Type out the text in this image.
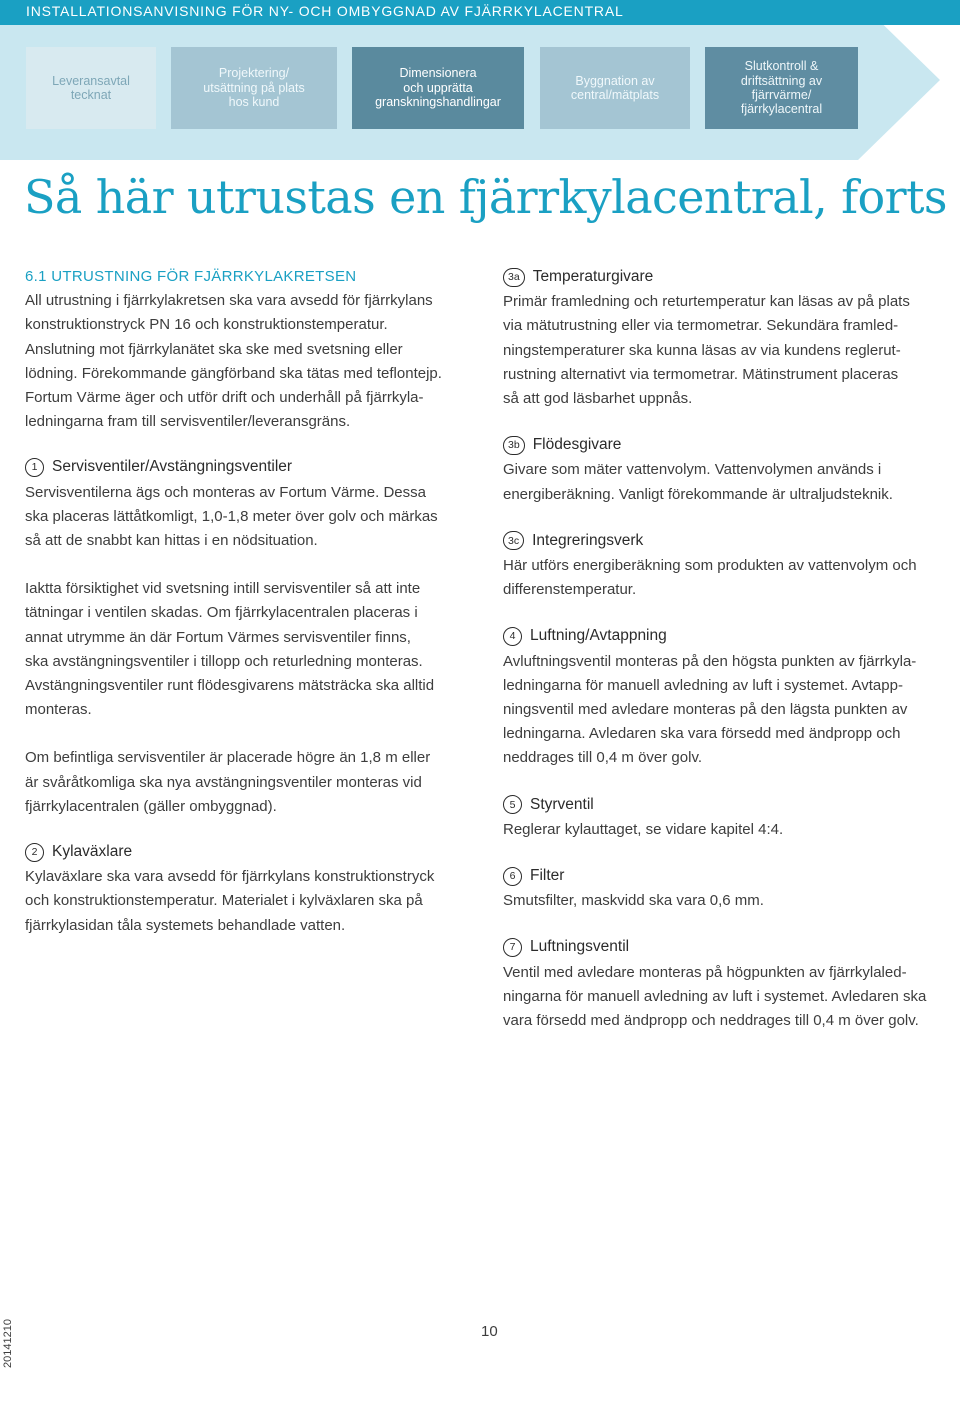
INSTALLATIONSANVISNING FÖR NY- OCH OMBYGGNAD AV FJÄRRKYLACENTRAL
Leveransavtal
tecknat
Projektering/
utsättning på plats
hos kund
Dimensionera
och upprätta
granskningshandlingar
Byggnation av
central/mätplats
Slutkontroll &
driftsättning av
fjärrvärme/
fjärrkylacentral
Så här utrustas en fjärrkylacentral, forts
6.1 UTRUSTNING FÖR FJÄRRKYLAKRETSEN
All utrustning i fjärrkylakretsen ska vara avsedd för fjärrkylans
konstruktionstryck PN 16 och konstruktionstemperatur.
Anslutning mot fjärrkylanätet ska ske med svetsning eller
lödning. Förekommande gängförband ska tätas med teflontejp.
Fortum Värme äger och utför drift och underhåll på fjärrkyla-
ledningarna fram till servisventiler/leveransgräns.
1 Servisventiler/Avstängningsventiler
Servisventilerna ägs och monteras av Fortum Värme. Dessa
ska placeras lättåtkomligt, 1,0-1,8 meter över golv och märkas
så att de snabbt kan hittas i en nödsituation.
Iaktta försiktighet vid svetsning intill servisventiler så att inte
tätningar i ventilen skadas. Om fjärrkylacentralen placeras i
annat utrymme än där Fortum Värmes servisventiler finns,
ska avstängningsventiler i tillopp och returledning monteras.
Avstängningsventiler runt flödesgivarens mätsträcka ska alltid
monteras.
Om befintliga servisventiler är placerade högre än 1,8 m eller
är svåråtkomliga ska nya avstängningsventiler monteras vid
fjärrkylacentralen (gäller ombyggnad).
2 Kylaväxlare
Kylaväxlare ska vara avsedd för fjärrkylans konstruktionstryck
och konstruktionstemperatur. Materialet i kylväxlaren ska på
fjärrkylasidan tåla systemets behandlade vatten.
3a Temperaturgivare
Primär framledning och returtemperatur kan läsas av på plats
via mätutrustning eller via termometrar. Sekundära framled-
ningstemperaturer ska kunna läsas av via kundens reglerut-
rustning alternativt via termometrar. Mätinstrument placeras
så att god läsbarhet uppnås.
3b Flödesgivare
Givare som mäter vattenvolym. Vattenvolymen används i
energiberäkning. Vanligt förekommande är ultraljudsteknik.
3c Integreringsverk
Här utförs energiberäkning som produkten av vattenvolym och
differenstemperatur.
4 Luftning/Avtappning
Avluftningsventil monteras på den högsta punkten av fjärrkyla-
ledningarna för manuell avledning av luft i systemet. Avtapp-
ningsventil med avledare monteras på den lägsta punkten av
ledningarna. Avledaren ska vara försedd med ändpropp och
neddrages till 0,4 m över golv.
5 Styrventil
Reglerar kylauttaget, se vidare kapitel 4:4.
6 Filter
Smutsfilter, maskvidd ska vara 0,6 mm.
7 Luftningsventil
Ventil med avledare monteras på högpunkten av fjärrkylaled-
ningarna för manuell avledning av luft i systemet. Avledaren ska
vara försedd med ändpropp och neddrages till 0,4 m över golv.
10
20141210
